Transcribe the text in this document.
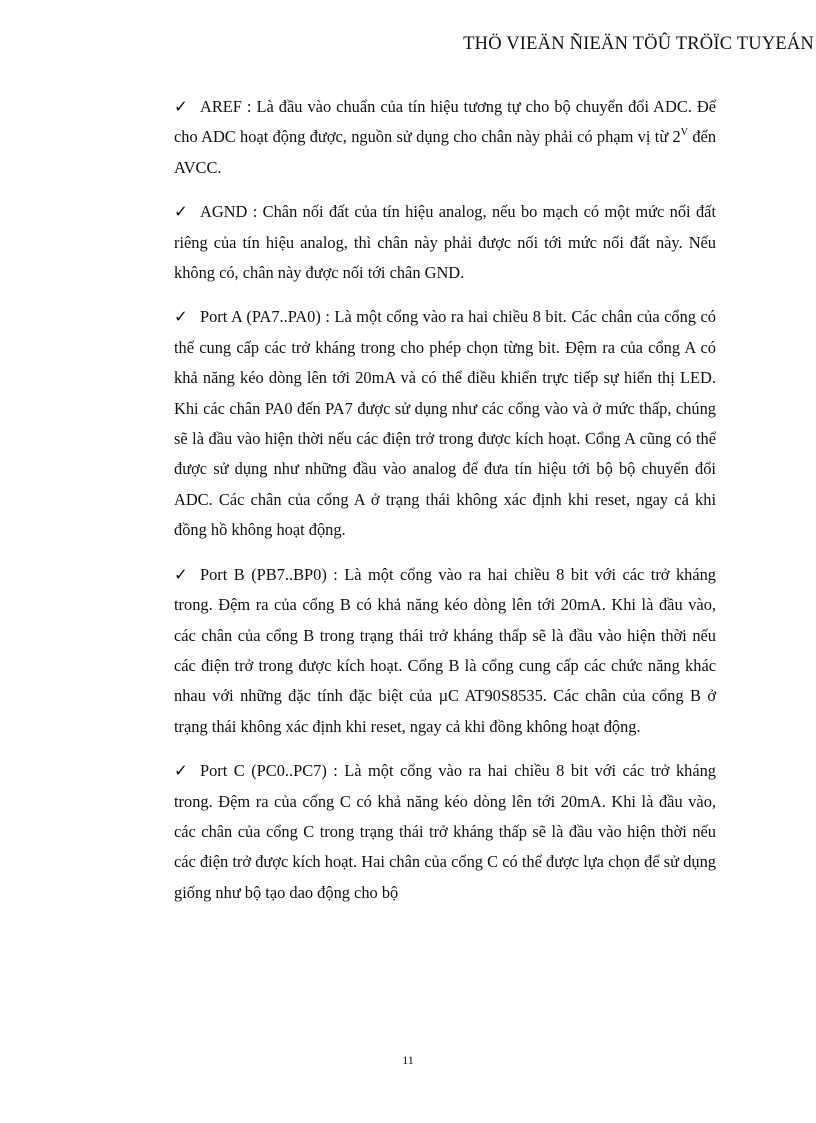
THÖ VIEÄN ÑIEÄN TÖÛ TRÖÏC TUYEÁN

✓ AREF : Là đầu vào chuẩn của tín hiệu tương tự cho bộ chuyển đổi ADC. Để cho ADC hoạt động được, nguồn sử dụng cho chân này phải có phạm vị từ $2^V$ đến AVCC.

✓ AGND : Chân nối đất của tín hiệu analog, nếu bo mạch có một mức nối đất riêng của tín hiệu analog, thì chân này phải được nối tới mức nối đất này. Nếu không có, chân này được nối tới chân GND.

✓ Port A (PA7..PA0) : Là một cổng vào ra hai chiều 8 bit. Các chân của cổng có thể cung cấp các trở kháng trong cho phép chọn từng bit. Đệm ra của cổng A có khả năng kéo dòng lên tới 20mA và có thể điều khiển trực tiếp sự hiển thị LED. Khi các chân PA0 đến PA7 được sử dụng như các cổng vào và ở mức thấp, chúng sẽ là đầu vào hiện thời nếu các điện trở trong được kích hoạt. Cổng A cũng có thể được sử dụng như những đầu vào analog để đưa tín hiệu tới bộ bộ chuyển đổi ADC. Các chân của cổng A ở trạng thái không xác định khi reset, ngay cả khi đồng hồ không hoạt động.

✓ Port B (PB7..BP0) : Là một cổng vào ra hai chiều 8 bit với các trở kháng trong. Đệm ra của cổng B có khả năng kéo dòng lên tới 20mA. Khi là đầu vào, các chân của cổng B trong trạng thái trở kháng thấp sẽ là đầu vào hiện thời nếu các điện trở trong được kích hoạt. Cổng B là cổng cung cấp các chức năng khác nhau với những đặc tính đặc biệt của µC AT90S8535. Các chân của cổng B ở trạng thái không xác định khi reset, ngay cả khi đồng không hoạt động.

✓ Port C (PC0..PC7) : Là một cổng vào ra hai chiều 8 bit với các trở kháng trong. Đệm ra của cổng C có khả năng kéo dòng lên tới 20mA. Khi là đầu vào, các chân của cổng C trong trạng thái trở kháng thấp sẽ là đầu vào hiện thời nếu các điện trở được kích hoạt. Hai chân của cổng C có thể được lựa chọn để sử dụng giống như bộ tạo dao động cho bộ

11
